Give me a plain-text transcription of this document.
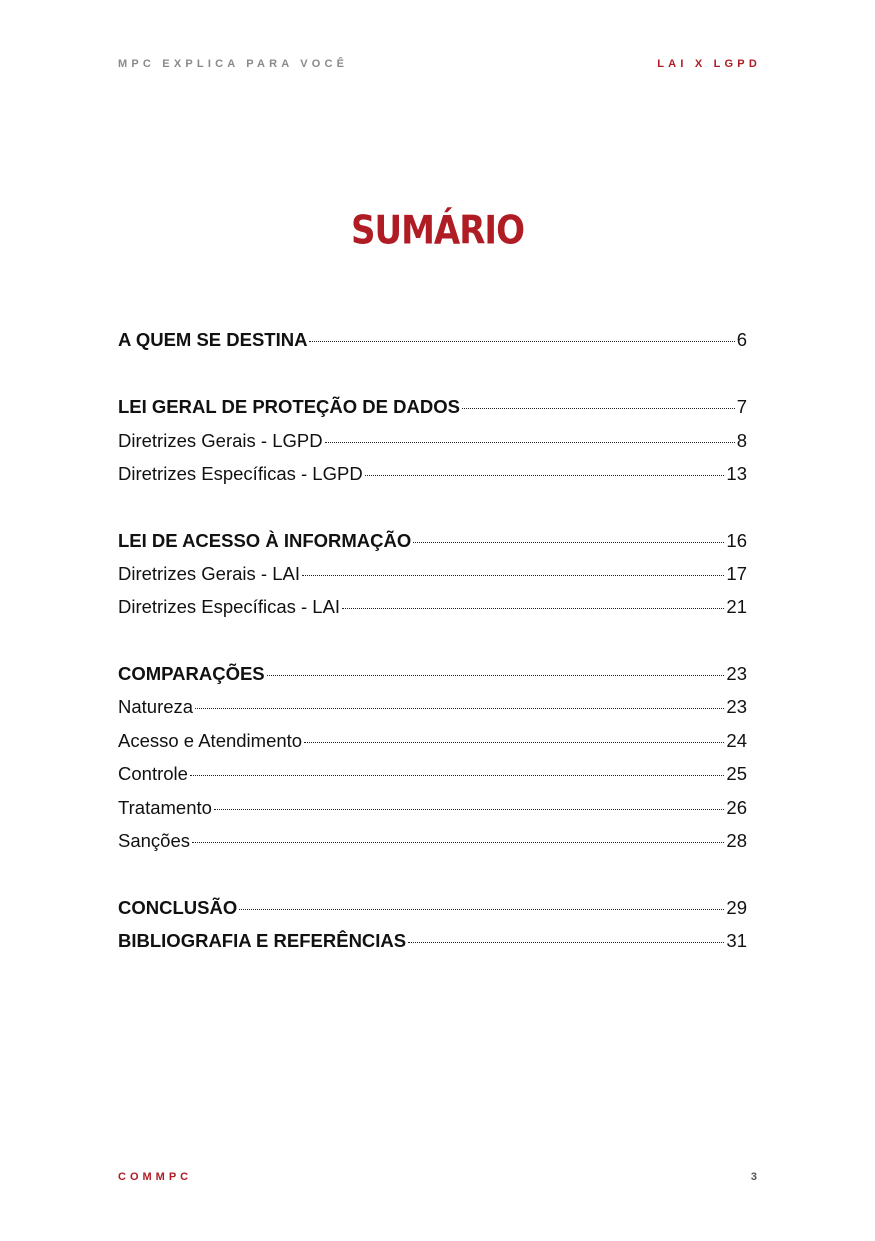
MPC EXPLICA PARA VOCÊ	LAI X LGPD
SUMÁRIO
A QUEM SE DESTINA	6
LEI GERAL DE PROTEÇÃO DE DADOS	7
Diretrizes Gerais - LGPD	8
Diretrizes Específicas - LGPD	13
LEI DE ACESSO À INFORMAÇÃO	16
Diretrizes Gerais - LAI	17
Diretrizes Específicas - LAI	21
COMPARAÇÕES	23
Natureza	23
Acesso e Atendimento	24
Controle	25
Tratamento	26
Sanções	28
CONCLUSÃO	29
BIBLIOGRAFIA E REFERÊNCIAS	31
COMMPC	3
